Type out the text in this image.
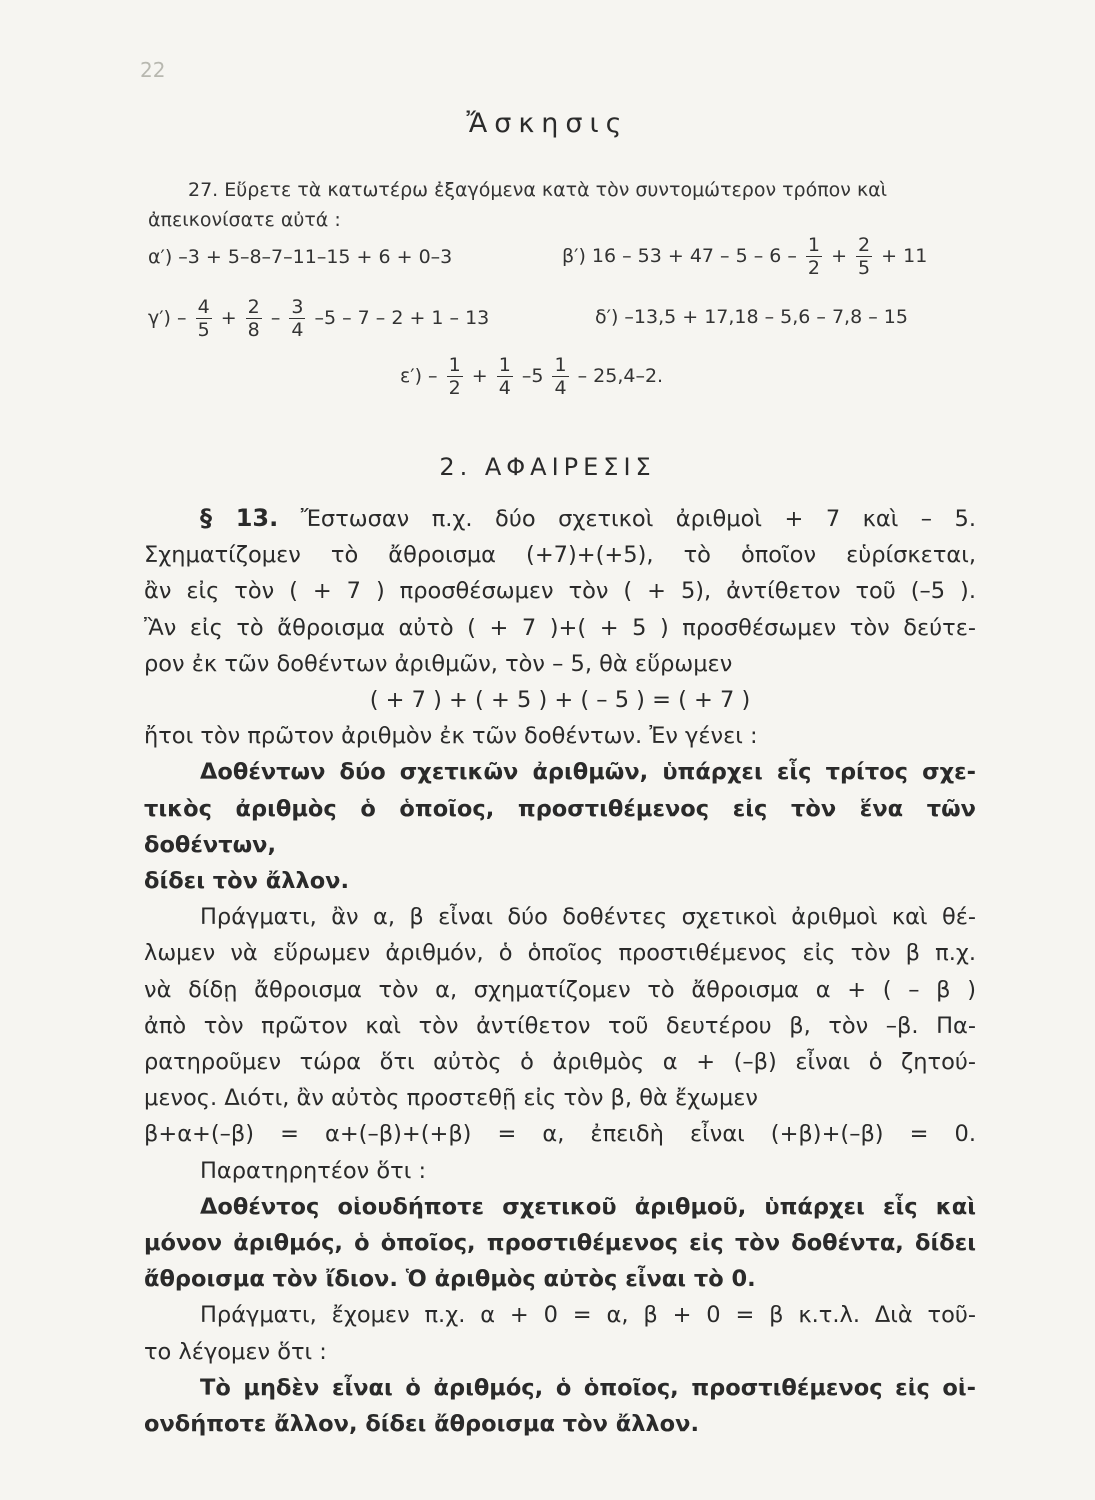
22
Ἄσκησις
27. Εὕρετε τὰ κατωτέρω ἐξαγόμενα κατὰ τὸν συντομώτερον τρόπον καὶ
ἀπεικονίσατε αὐτά :
α′) –3 + 5–8–7–11–15 + 6 + 0–3	β′) $16 - 53 + 47 - 5 - 6 - \frac{1}{2} + \frac{2}{5} + 11$
$\gamma') - \frac{4}{5} + \frac{2}{8} - \frac{3}{4} -5 - 7 - 2 + 1 - 13$	δ′) –13,5 + 17,18 – 5,6 – 7,8 – 15
$\varepsilon') - \frac{1}{2} + \frac{1}{4} -5 \frac{1}{4} - 25,4-2$.
2. ΑΦΑΙΡΕΣΙΣ

§ 13. Ἔστωσαν π.χ. δύο σχετικοὶ ἀριθμοὶ + 7 καὶ – 5.

Σχηματίζομεν τὸ ἄθροισμα (+7)+(+5), τὸ ὁποῖον εὑρίσκεται,

ἂν εἰς τὸν ( + 7 ) προσθέσωμεν τὸν ( + 5), ἀντίθετον τοῦ (–5 ).

Ἂν εἰς τὸ ἄθροισμα αὐτὸ ( + 7 )+( + 5 ) προσθέσωμεν τὸν δεύτε-

ρον ἐκ τῶν δοθέντων ἀριθμῶν, τὸν – 5, θὰ εὕρωμεν

( + 7 ) + ( + 5 ) + ( – 5 ) = ( + 7 )

ἤτοι τὸν πρῶτον ἀριθμὸν ἐκ τῶν δοθέντων. Ἐν γένει :

Δοθέντων δύο σχετικῶν ἀριθμῶν, ὑπάρχει εἷς τρίτος σχε-

τικὸς ἀριθμὸς ὁ ὁποῖος, προστιθέμενος εἰς τὸν ἕνα τῶν δοθέντων,

δίδει τὸν ἄλλον.

Πράγματι, ἂν α, β εἶναι δύο δοθέντες σχετικοὶ ἀριθμοὶ καὶ θέ-

λωμεν νὰ εὕρωμεν ἀριθμόν, ὁ ὁποῖος προστιθέμενος εἰς τὸν β π.χ.

νὰ δίδῃ ἄθροισμα τὸν α, σχηματίζομεν τὸ ἄθροισμα α + ( – β )

ἀπὸ τὸν πρῶτον καὶ τὸν ἀντίθετον τοῦ δευτέρου β, τὸν –β. Πα-

ρατηροῦμεν τώρα ὅτι αὐτὸς ὁ ἀριθμὸς α + (–β) εἶναι ὁ ζητού-

μενος. Διότι, ἂν αὐτὸς προστεθῇ εἰς τὸν β, θὰ ἔχωμεν

β+α+(–β) = α+(–β)+(+β) = α, ἐπειδὴ εἶναι (+β)+(–β) = 0.

Παρατηρητέον ὅτι :

Δοθέντος οἱουδήποτε σχετικοῦ ἀριθμοῦ, ὑπάρχει εἷς καὶ

μόνον ἀριθμός, ὁ ὁποῖος, προστιθέμενος εἰς τὸν δοθέντα, δίδει

ἄθροισμα τὸν ἴδιον. Ὁ ἀριθμὸς αὐτὸς εἶναι τὸ 0.

Πράγματι, ἔχομεν π.χ. α + 0 = α, β + 0 = β κ.τ.λ. Διὰ τοῦ-

το λέγομεν ὅτι :

Τὸ μηδὲν εἶναι ὁ ἀριθμός, ὁ ὁποῖος, προστιθέμενος εἰς οἱ-

ονδήποτε ἄλλον, δίδει ἄθροισμα τὸν ἄλλον.
